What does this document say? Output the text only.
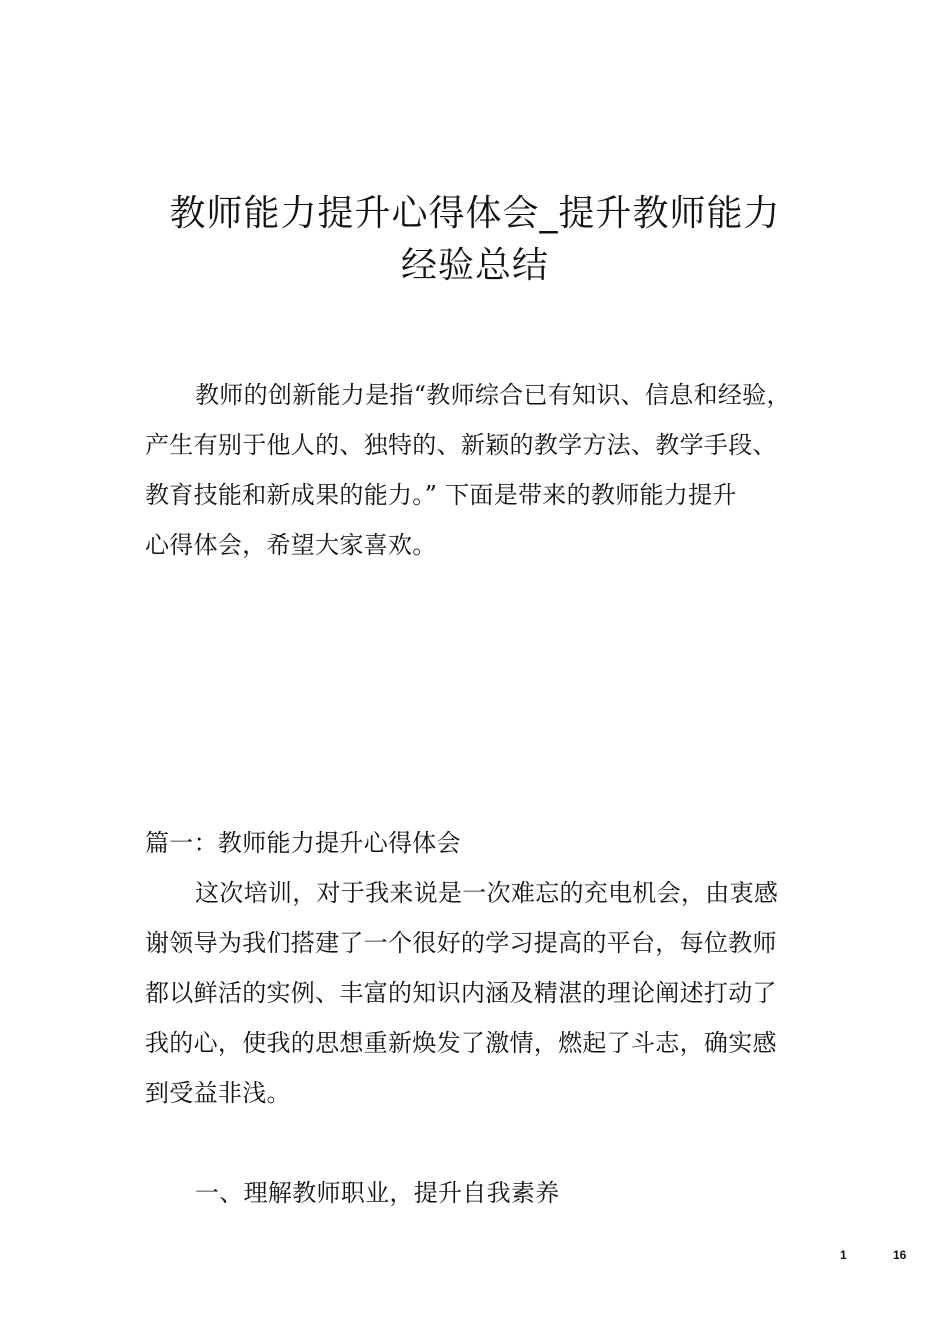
教师能力提升心得体会_提升教师能力
经验总结
教师的创新能力是指“教师综合已有知识、信息和经验，
产生有别于他人的、独特的、新颖的教学方法、教学手段、
教育技能和新成果的能力。” 下面是带来的教师能力提升
心得体会，希望大家喜欢。
篇一：教师能力提升心得体会
这次培训，对于我来说是一次难忘的充电机会，由衷感
谢领导为我们搭建了一个很好的学习提高的平台，每位教师
都以鲜活的实例、丰富的知识内涵及精湛的理论阐述打动了
我的心，使我的思想重新焕发了激情，燃起了斗志，确实感
到受益非浅。
一、理解教师职业，提升自我素养
1	16
